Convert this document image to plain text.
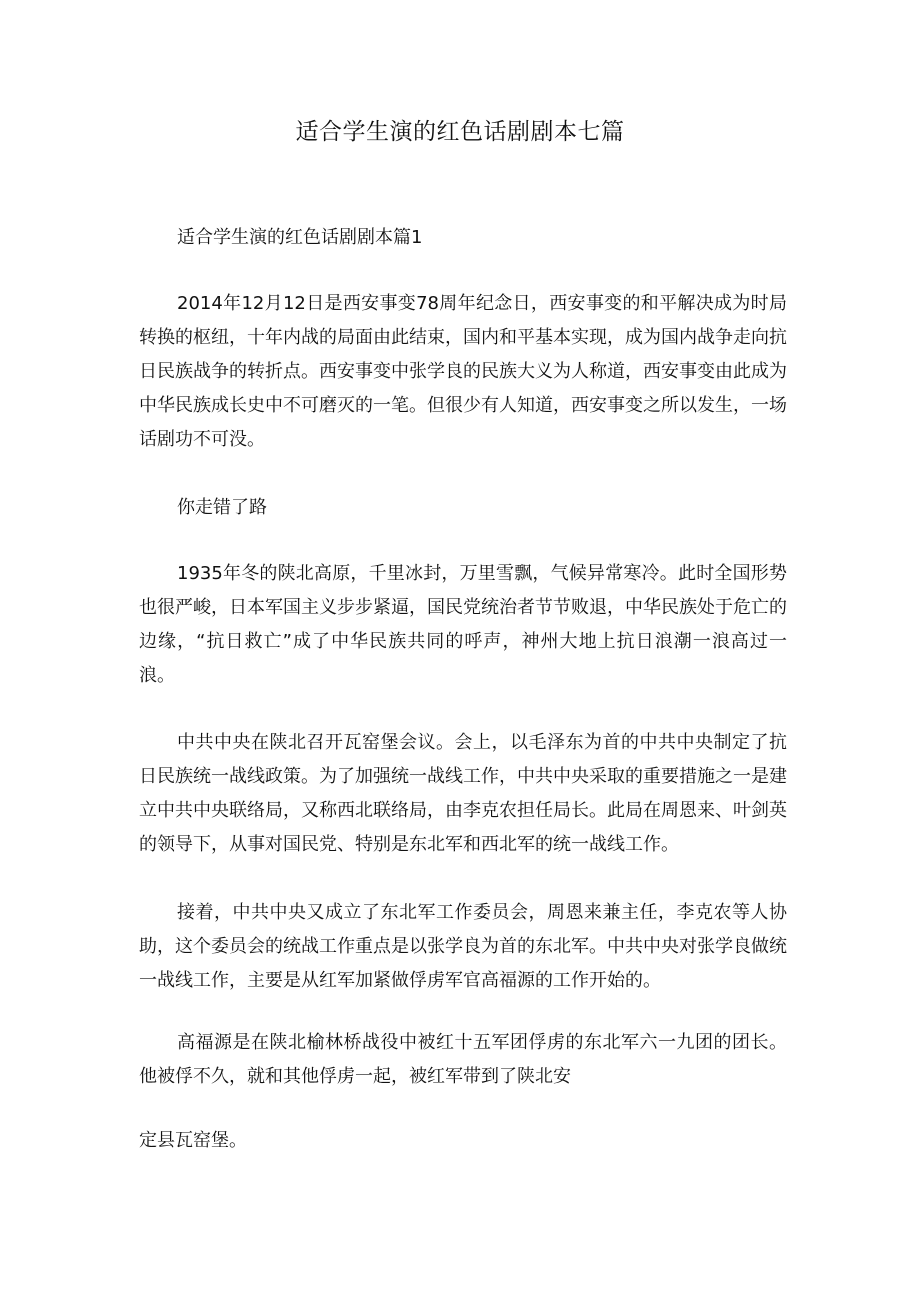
适合学生演的红色话剧剧本七篇
适合学生演的红色话剧剧本篇1

2014年12月12日是西安事变78周年纪念日，西安事变的和平解决成为时局转换的枢纽，十年内战的局面由此结束，国内和平基本实现，成为国内战争走向抗日民族战争的转折点。西安事变中张学良的民族大义为人称道，西安事变由此成为中华民族成长史中不可磨灭的一笔。但很少有人知道，西安事变之所以发生，一场话剧功不可没。

你走错了路

1935年冬的陕北高原，千里冰封，万里雪飘，气候异常寒冷。此时全国形势也很严峻，日本军国主义步步紧逼，国民党统治者节节败退，中华民族处于危亡的边缘，“抗日救亡”成了中华民族共同的呼声，神州大地上抗日浪潮一浪高过一浪。

中共中央在陕北召开瓦窑堡会议。会上，以毛泽东为首的中共中央制定了抗日民族统一战线政策。为了加强统一战线工作，中共中央采取的重要措施之一是建立中共中央联络局，又称西北联络局，由李克农担任局长。此局在周恩来、叶剑英的领导下，从事对国民党、特别是东北军和西北军的统一战线工作。

接着，中共中央又成立了东北军工作委员会，周恩来兼主任，李克农等人协助，这个委员会的统战工作重点是以张学良为首的东北军。中共中央对张学良做统一战线工作，主要是从红军加紧做俘虏军官高福源的工作开始的。

高福源是在陕北榆林桥战役中被红十五军团俘虏的东北军六一九团的团长。他被俘不久，就和其他俘虏一起，被红军带到了陕北安

定县瓦窑堡。
